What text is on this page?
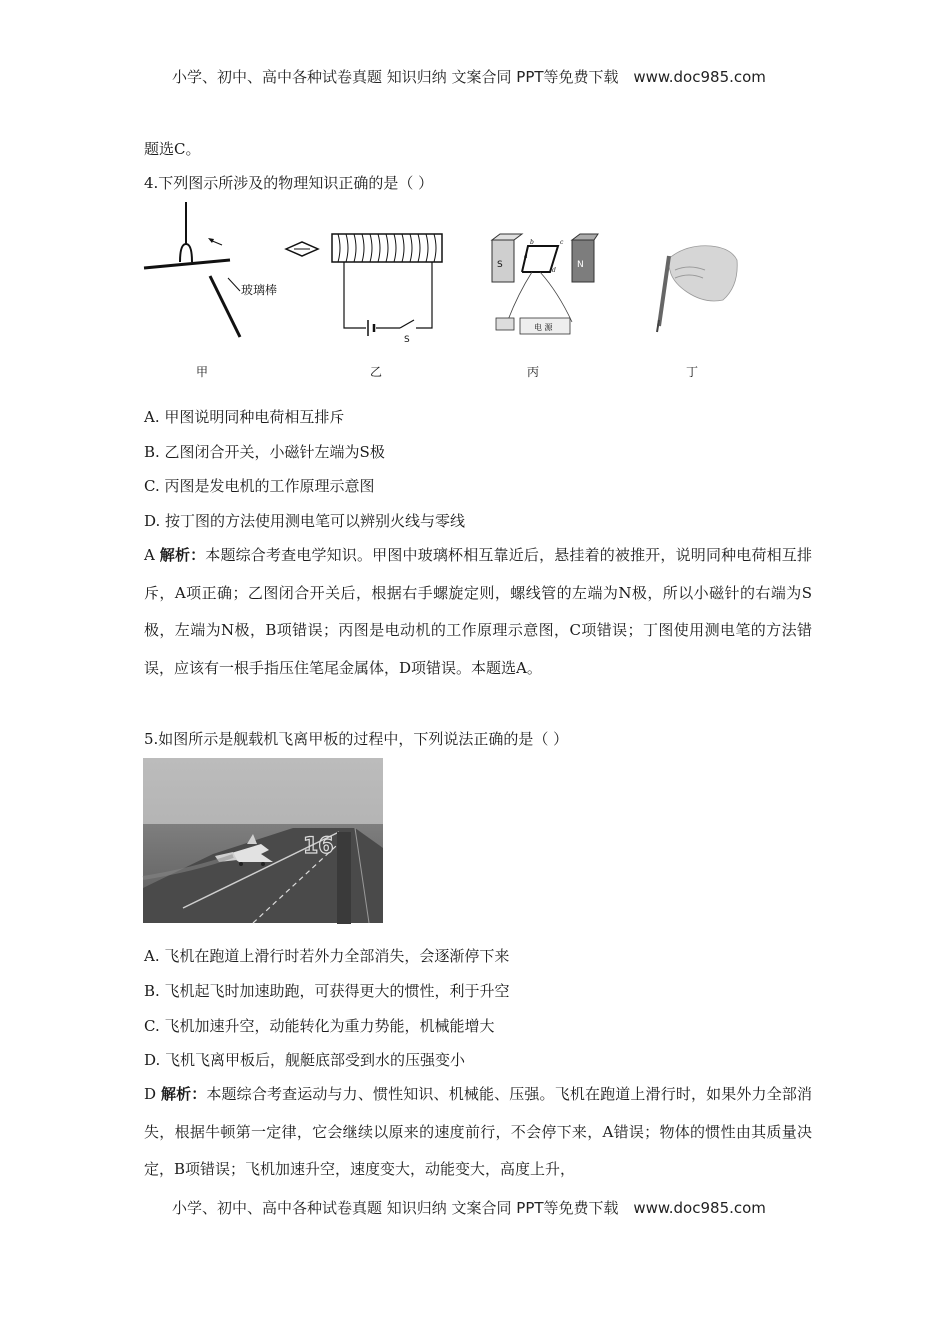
小学、初中、高中各种试卷真题 知识归纳 文案合同 PPT等免费下载 www.doc985.com
题选C。
4.下列图示所涉及的物理知识正确的是（ ）
玻璃棒
S
S	N
a
b	c
d
电 源
甲	乙	丙	丁
A. 甲图说明同种电荷相互排斥
B. 乙图闭合开关，小磁针左端为S极
C. 丙图是发电机的工作原理示意图
D. 按丁图的方法使用测电笔可以辨别火线与零线
A 解析：本题综合考查电学知识。甲图中玻璃杯相互靠近后，悬挂着的被推开，说明同种电荷相互排斥，A项正确；乙图闭合开关后，根据右手螺旋定则，螺线管的左端为N极，所以小磁针的右端为S极，左端为N极，B项错误；丙图是电动机的工作原理示意图，C项错误；丁图使用测电笔的方法错误，应该有一根手指压住笔尾金属体，D项错误。本题选A。
5.如图所示是舰载机飞离甲板的过程中，下列说法正确的是（ ）
16
A. 飞机在跑道上滑行时若外力全部消失，会逐渐停下来
B. 飞机起飞时加速助跑，可获得更大的惯性，利于升空
C. 飞机加速升空，动能转化为重力势能，机械能增大
D. 飞机飞离甲板后，舰艇底部受到水的压强变小
D 解析：本题综合考查运动与力、惯性知识、机械能、压强。飞机在跑道上滑行时，如果外力全部消失，根据牛顿第一定律，它会继续以原来的速度前行，不会停下来，A错误；物体的惯性由其质量决定，B项错误；飞机加速升空，速度变大，动能变大，高度上升，
小学、初中、高中各种试卷真题 知识归纳 文案合同 PPT等免费下载 www.doc985.com
